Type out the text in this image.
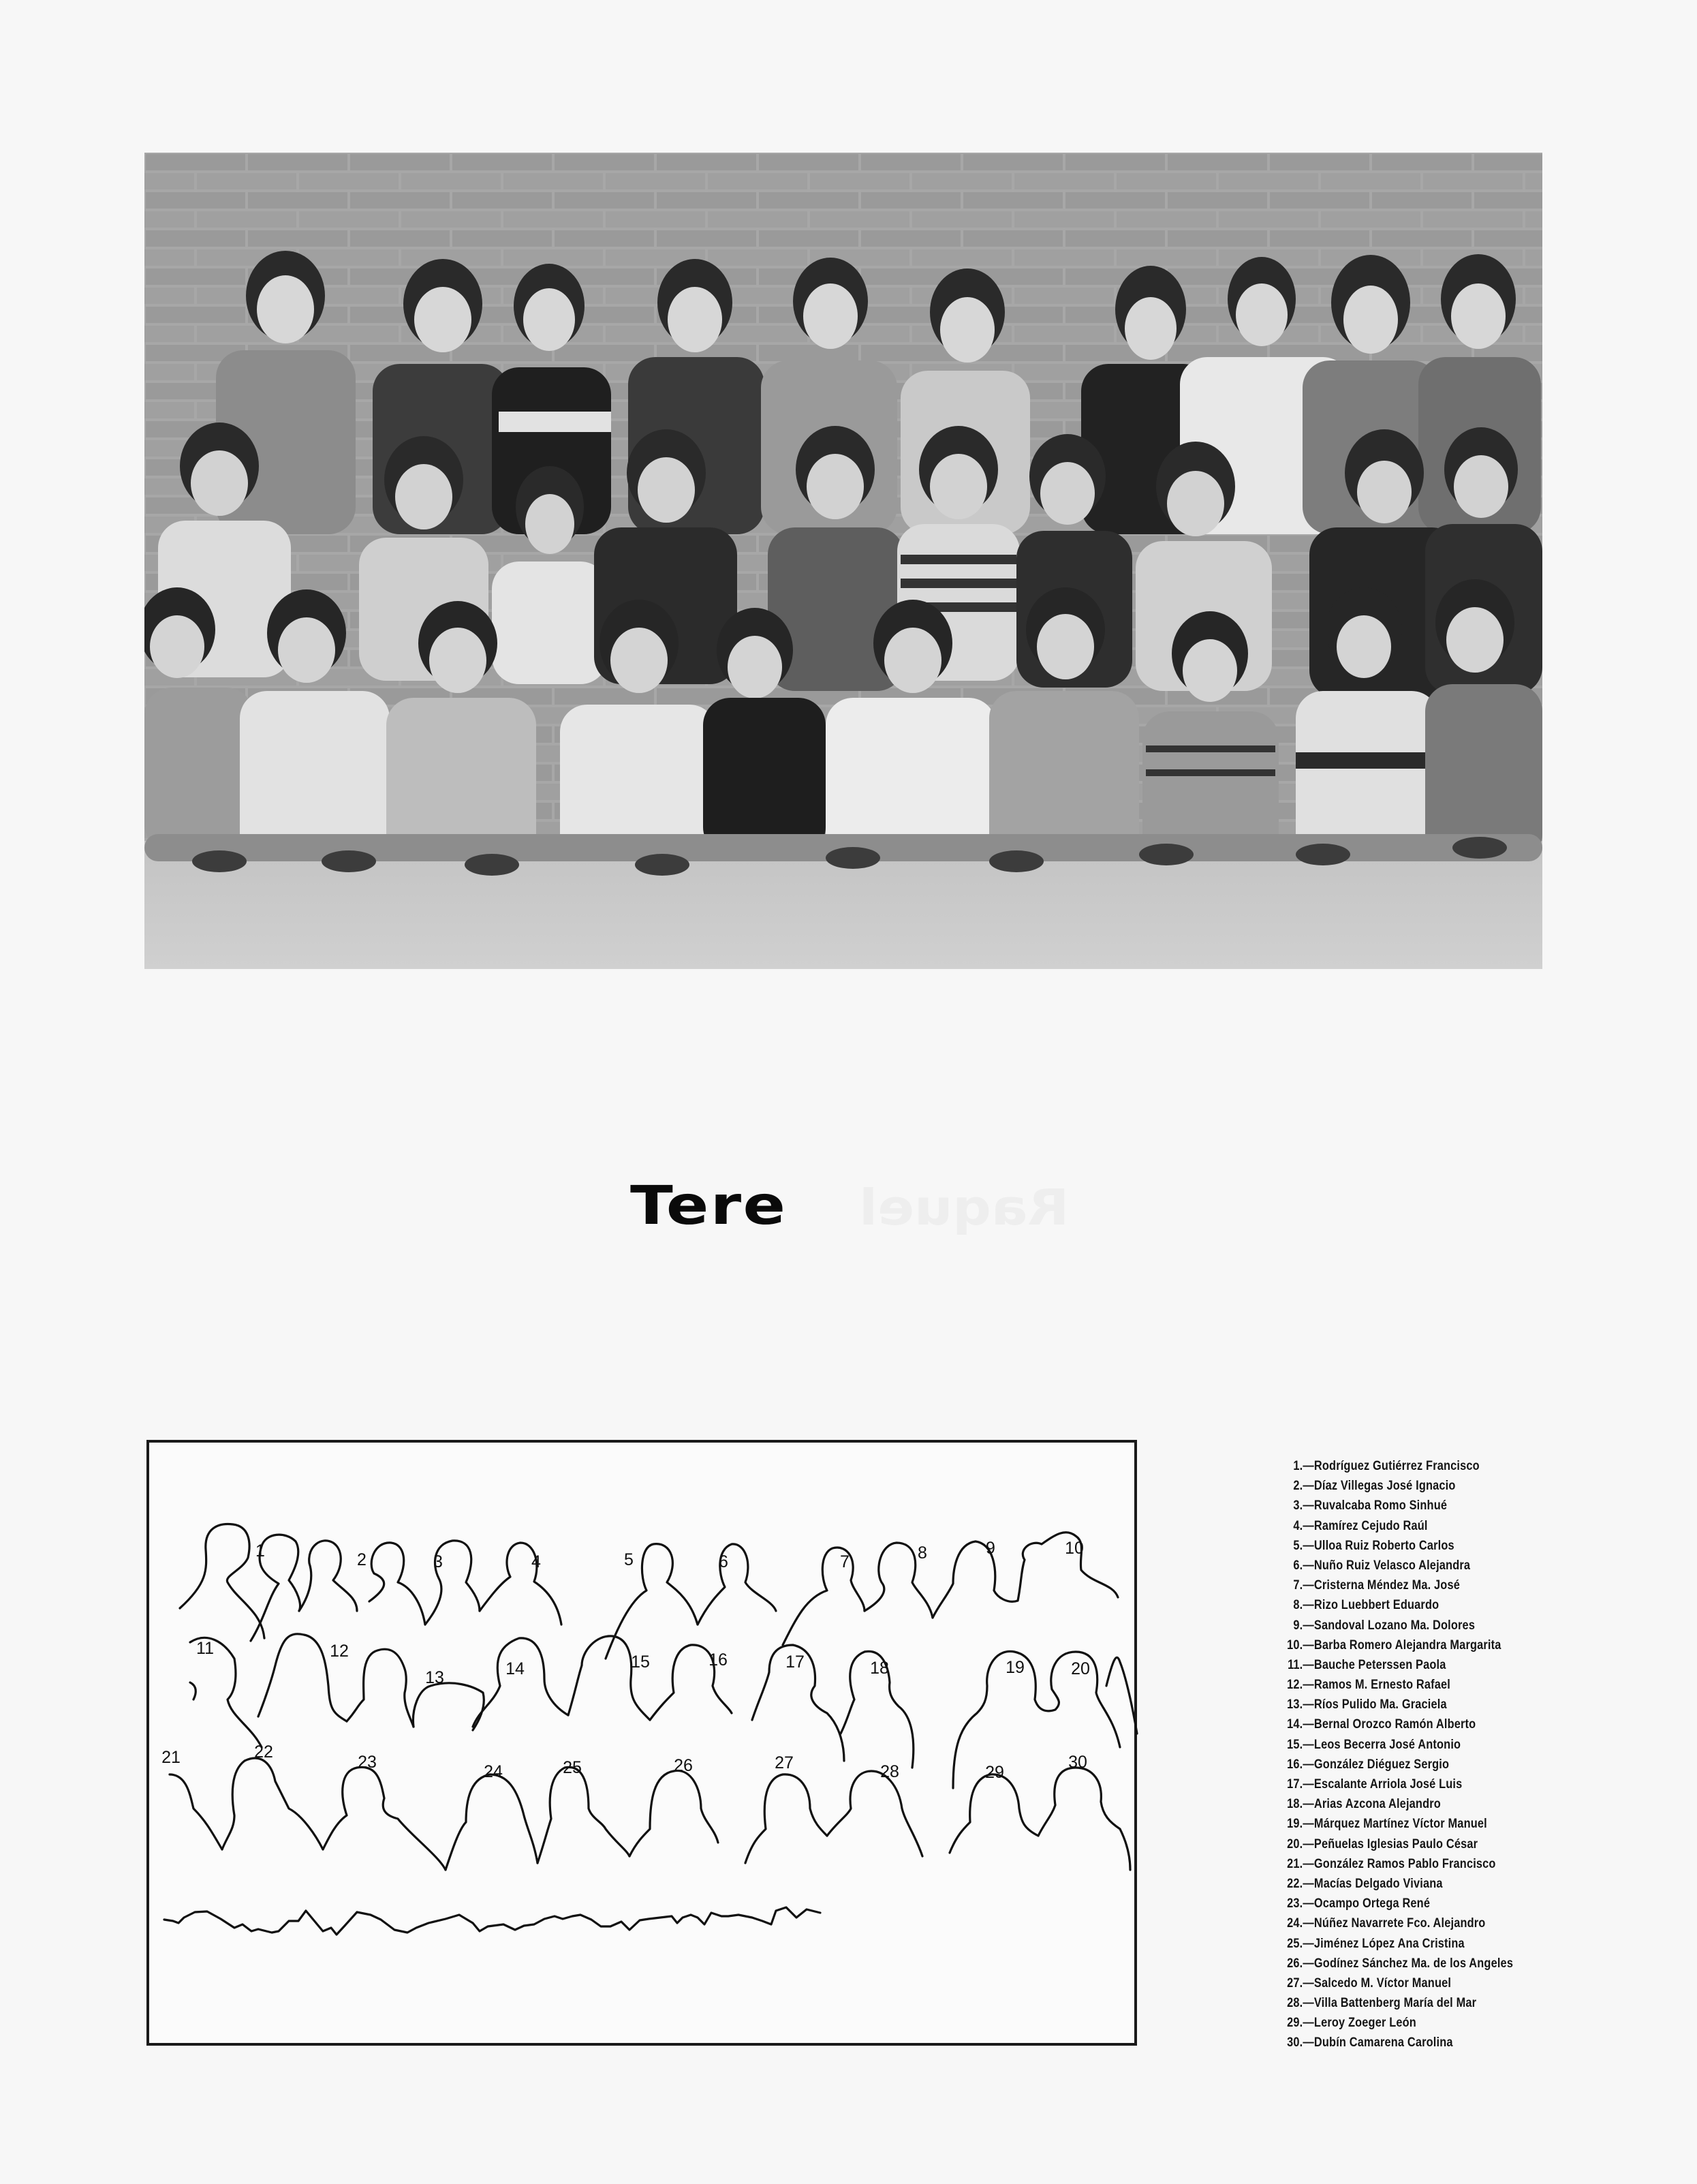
Raquel
Tere
1	2	3	4	5	6	7	8	9	10
11	12
13	14	15	16	17	18	19	20
21	22
23	24	25	26	27	28	29
30
1.—Rodríguez Gutiérrez Francisco
2.—Díaz Villegas José Ignacio
3.—Ruvalcaba Romo Sinhué
4.—Ramírez Cejudo Raúl
5.—Ulloa Ruiz Roberto Carlos
6.—Nuño Ruiz Velasco Alejandra
7.—Cristerna Méndez Ma. José
8.—Rizo Luebbert Eduardo
9.—Sandoval Lozano Ma. Dolores
10.—Barba Romero Alejandra Margarita
11.—Bauche Peterssen Paola
12.—Ramos M. Ernesto Rafael
13.—Ríos Pulido Ma. Graciela
14.—Bernal Orozco Ramón Alberto
15.—Leos Becerra José Antonio
16.—González Diéguez Sergio
17.—Escalante Arriola José Luis
18.—Arias Azcona Alejandro
19.—Márquez Martínez Víctor Manuel
20.—Peñuelas Iglesias Paulo César
21.—González Ramos Pablo Francisco
22.—Macías Delgado Viviana
23.—Ocampo Ortega René
24.—Núñez Navarrete Fco. Alejandro
25.—Jiménez López Ana Cristina
26.—Godínez Sánchez Ma. de los Angeles
27.—Salcedo M. Víctor Manuel
28.—Villa Battenberg María del Mar
29.—Leroy Zoeger León
30.—Dubín Camarena Carolina
